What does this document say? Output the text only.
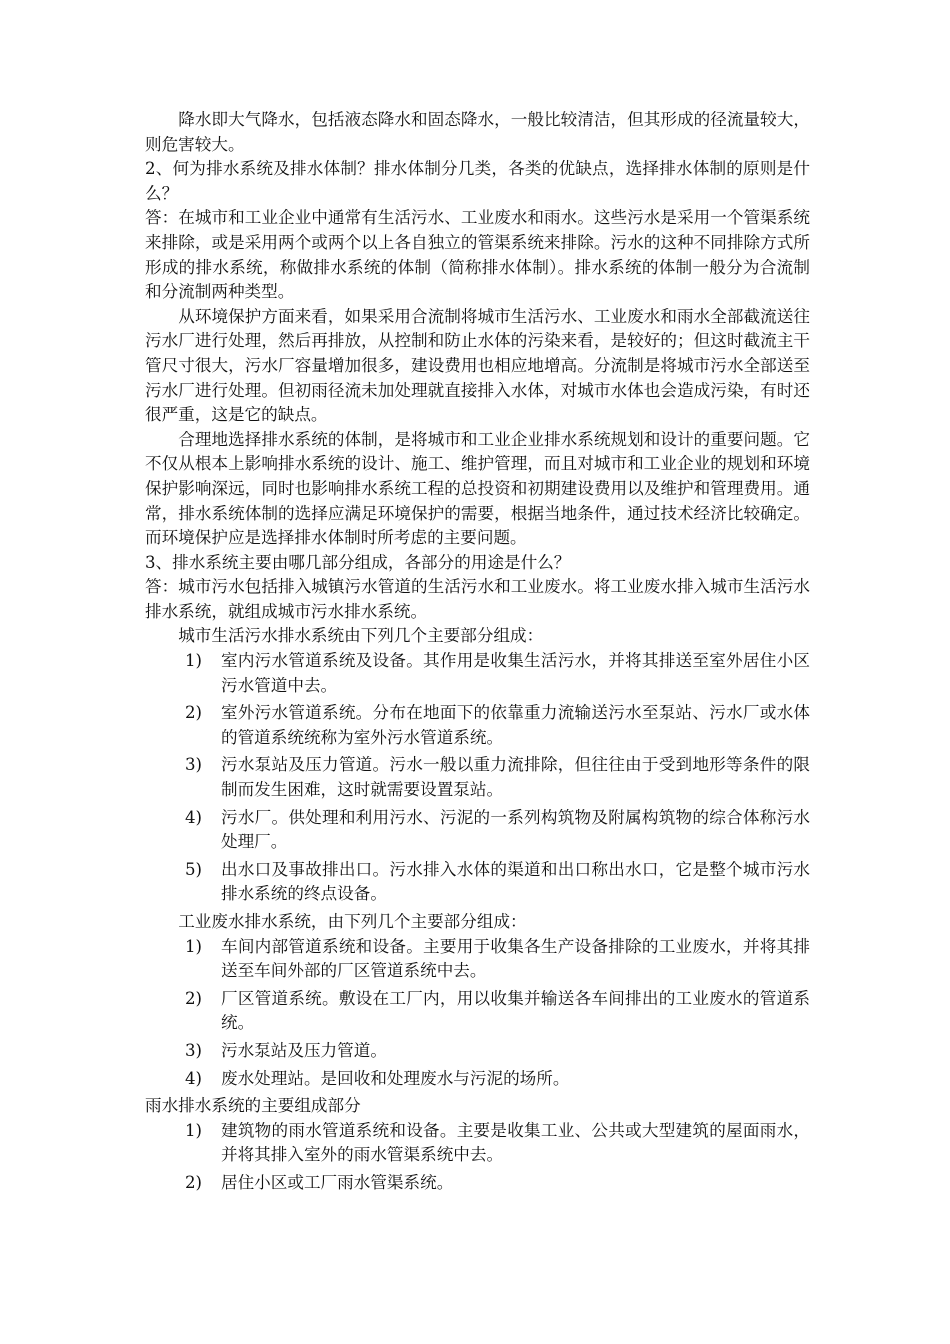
降水即大气降水，包括液态降水和固态降水，一般比较清洁，但其形成的径流量较大，则危害较大。

2、何为排水系统及排水体制？排水体制分几类，各类的优缺点，选择排水体制的原则是什么？

答：在城市和工业企业中通常有生活污水、工业废水和雨水。这些污水是采用一个管渠系统来排除，或是采用两个或两个以上各自独立的管渠系统来排除。污水的这种不同排除方式所形成的排水系统，称做排水系统的体制（简称排水体制）。排水系统的体制一般分为合流制和分流制两种类型。

从环境保护方面来看，如果采用合流制将城市生活污水、工业废水和雨水全部截流送往污水厂进行处理，然后再排放，从控制和防止水体的污染来看，是较好的；但这时截流主干管尺寸很大，污水厂容量增加很多，建设费用也相应地增高。分流制是将城市污水全部送至污水厂进行处理。但初雨径流未加处理就直接排入水体，对城市水体也会造成污染，有时还很严重，这是它的缺点。

合理地选择排水系统的体制，是将城市和工业企业排水系统规划和设计的重要问题。它不仅从根本上影响排水系统的设计、施工、维护管理，而且对城市和工业企业的规划和环境保护影响深远，同时也影响排水系统工程的总投资和初期建设费用以及维护和管理费用。通常，排水系统体制的选择应满足环境保护的需要，根据当地条件，通过技术经济比较确定。而环境保护应是选择排水体制时所考虑的主要问题。

3、排水系统主要由哪几部分组成，各部分的用途是什么？

答：城市污水包括排入城镇污水管道的生活污水和工业废水。将工业废水排入城市生活污水排水系统，就组成城市污水排水系统。

城市生活污水排水系统由下列几个主要部分组成：

1)	室内污水管道系统及设备。其作用是收集生活污水，并将其排送至室外居住小区污水管道中去。
2)	室外污水管道系统。分布在地面下的依靠重力流输送污水至泵站、污水厂或水体的管道系统统称为室外污水管道系统。
3)	污水泵站及压力管道。污水一般以重力流排除，但往往由于受到地形等条件的限制而发生困难，这时就需要设置泵站。
4)	污水厂。供处理和利用污水、污泥的一系列构筑物及附属构筑物的综合体称污水处理厂。
5)	出水口及事故排出口。污水排入水体的渠道和出口称出水口，它是整个城市污水排水系统的终点设备。

工业废水排水系统，由下列几个主要部分组成：

1)	车间内部管道系统和设备。主要用于收集各生产设备排除的工业废水，并将其排送至车间外部的厂区管道系统中去。
2)	厂区管道系统。敷设在工厂内，用以收集并输送各车间排出的工业废水的管道系统。
3)	污水泵站及压力管道。
4)	废水处理站。是回收和处理废水与污泥的场所。

雨水排水系统的主要组成部分

1)	建筑物的雨水管道系统和设备。主要是收集工业、公共或大型建筑的屋面雨水，并将其排入室外的雨水管渠系统中去。
2)	居住小区或工厂雨水管渠系统。
